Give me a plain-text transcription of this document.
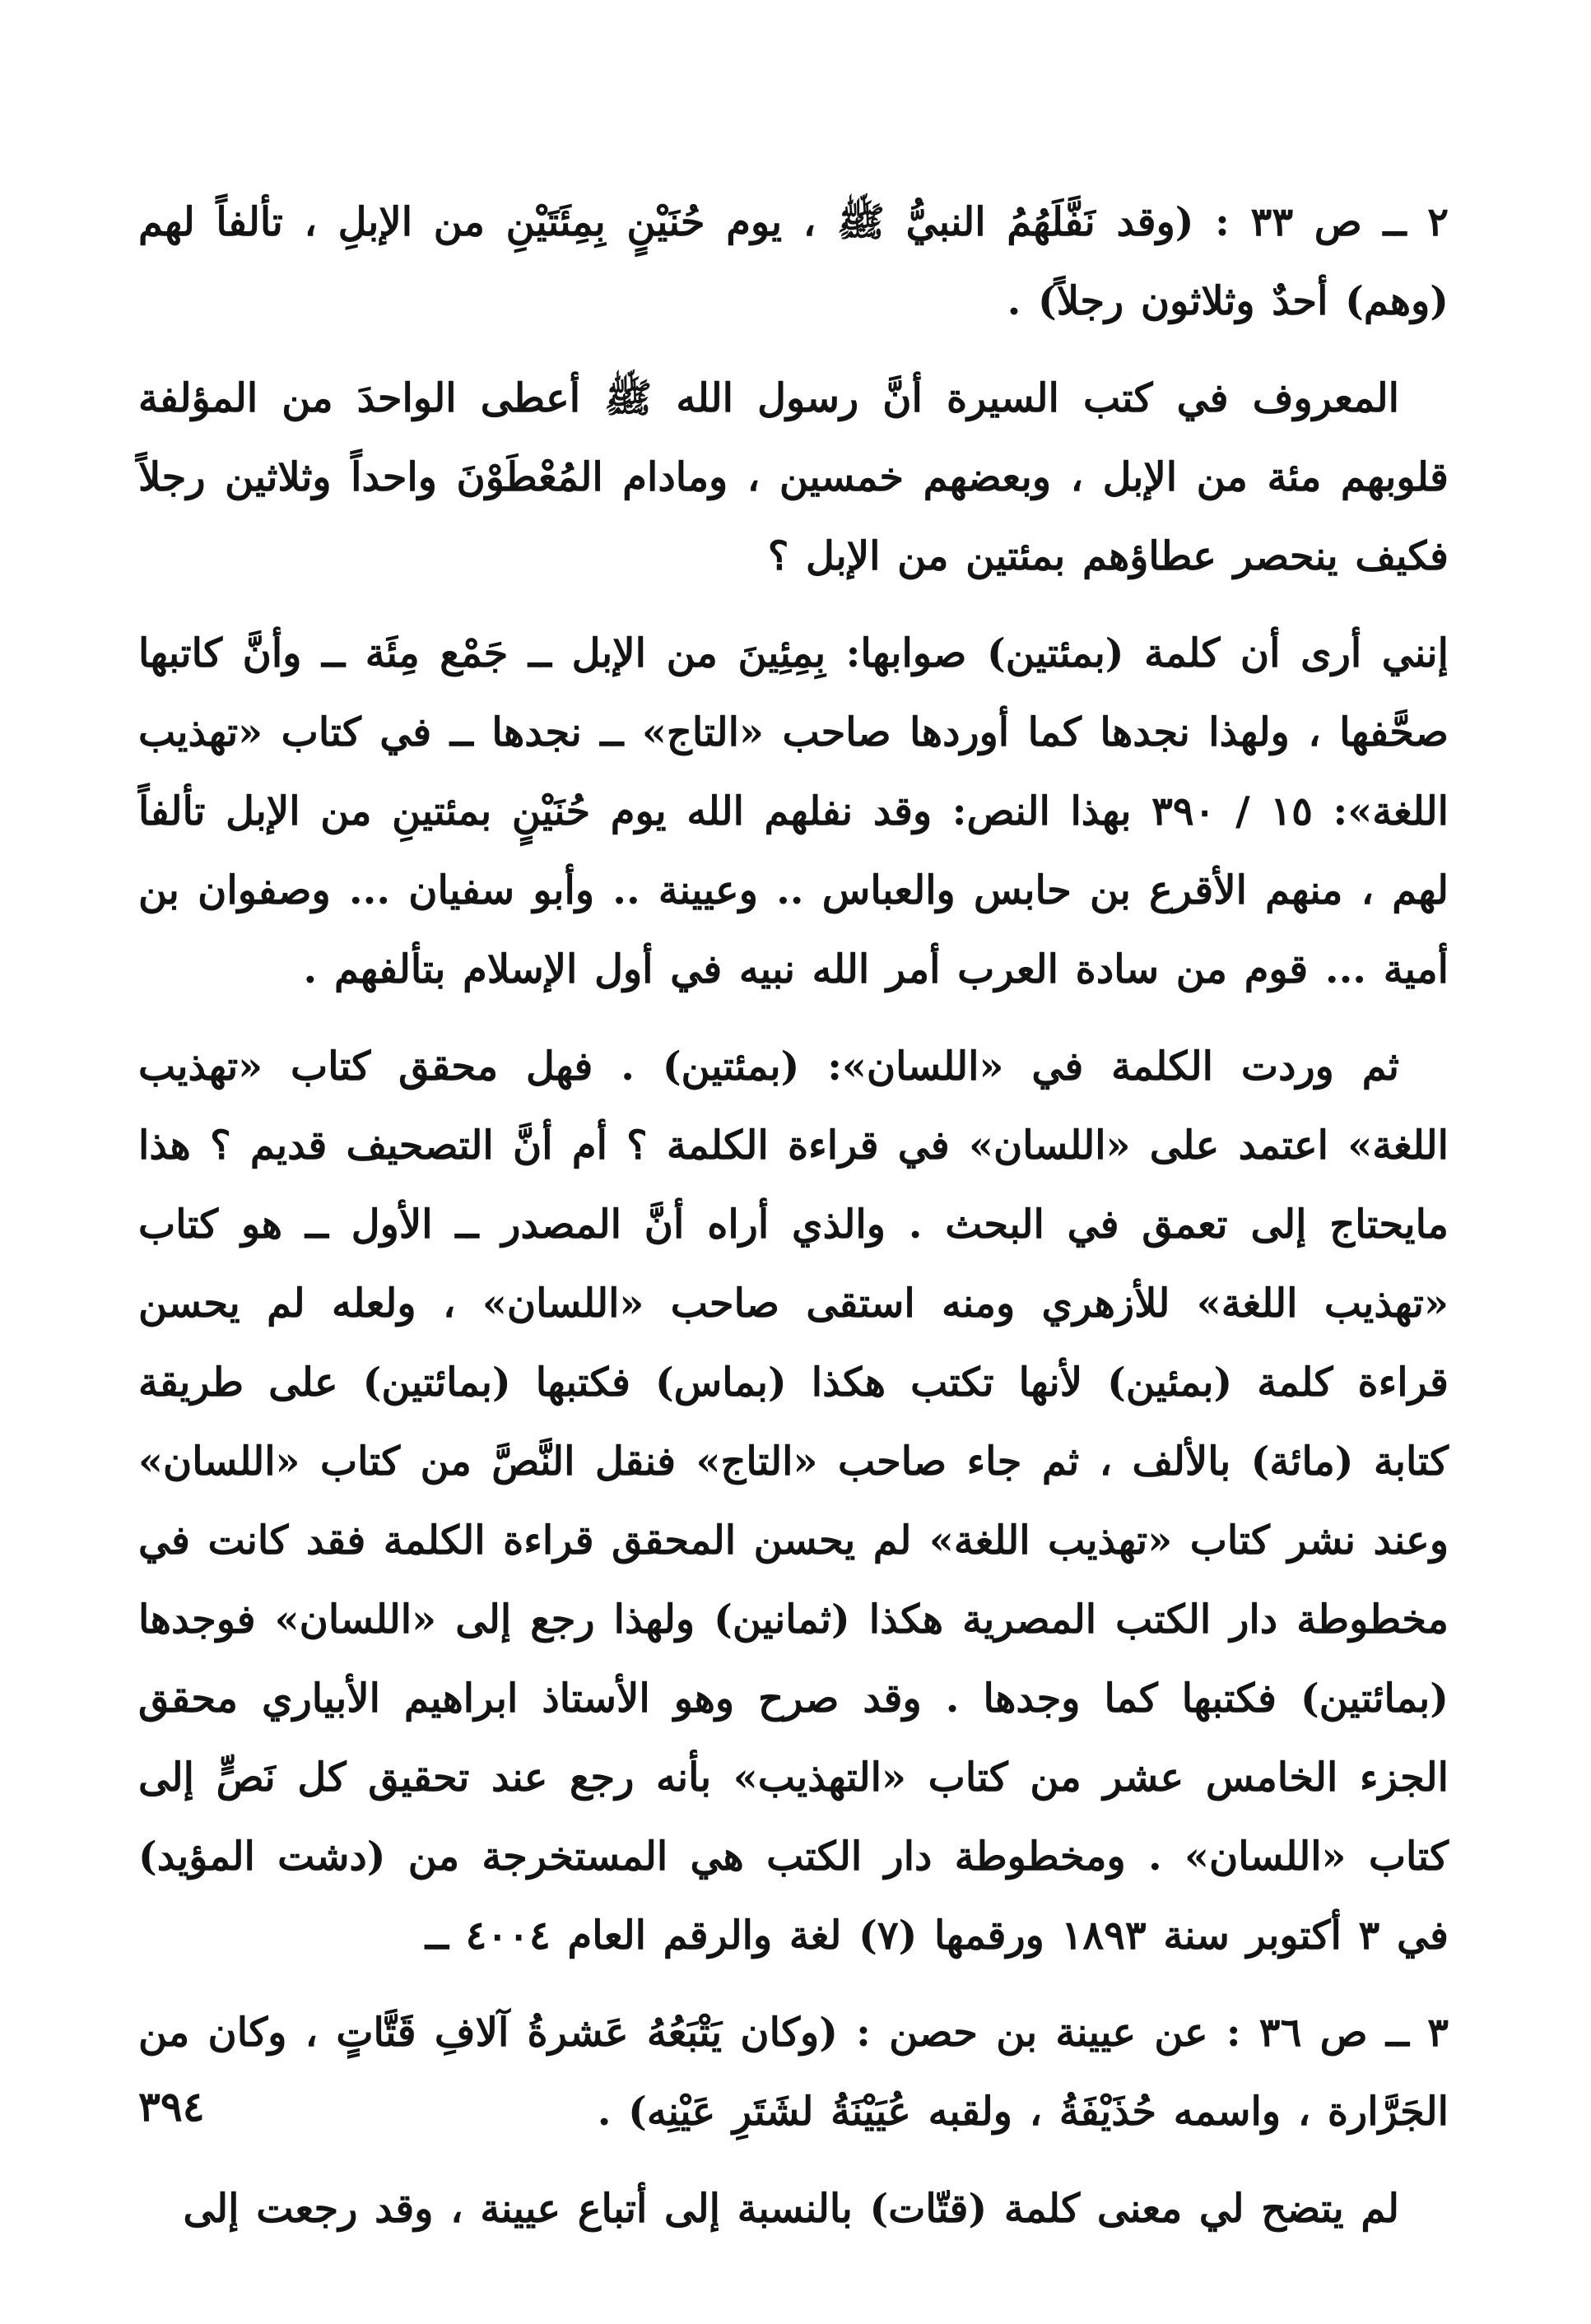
٢ ــ ص ٣٣ : (وقد نَفَّلَهُمُ النبيُّ ﷺ ، يوم حُنَيْنٍ بِمِئَتَيْنِ من الإبلِ ، تألفاً لهم (وهم) أحدٌ وثلاثون رجلاً) .

المعروف في كتب السيرة أنَّ رسول الله ﷺ أعطى الواحدَ من المؤلفة قلوبهم مئة من الإبل ، وبعضهم خمسين ، ومادام المُعْطَوْنَ واحداً وثلاثين رجلاً فكيف ينحصر عطاؤهم بمئتين من الإبل ؟

إنني أرى أن كلمة (بمئتين) صوابها: بِمِئِينَ من الإبل ــ جَمْع مِئَة ــ وأنَّ كاتبها صحَّفها ، ولهذا نجدها كما أوردها صاحب «التاج» ــ نجدها ــ في كتاب «تهذيب اللغة»: ١٥ / ٣٩٠ بهذا النص: وقد نفلهم الله يوم حُنَيْنٍ بمئتينِ من الإبل تألفاً لهم ، منهم الأقرع بن حابس والعباس .. وعيينة .. وأبو سفيان ... وصفوان بن أمية ... قوم من سادة العرب أمر الله نبيه في أول الإسلام بتألفهم .

ثم وردت الكلمة في «اللسان»: (بمئتين) . فهل محقق كتاب «تهذيب اللغة» اعتمد على «اللسان» في قراءة الكلمة ؟ أم أنَّ التصحيف قديم ؟ هذا مايحتاج إلى تعمق في البحث . والذي أراه أنَّ المصدر ــ الأول ــ هو كتاب «تهذيب اللغة» للأزهري ومنه استقى صاحب «اللسان» ، ولعله لم يحسن قراءة كلمة (بمئين) لأنها تكتب هكذا (بماس) فكتبها (بمائتين) على طريقة كتابة (مائة) بالألف ، ثم جاء صاحب «التاج» فنقل النَّصَّ من كتاب «اللسان» وعند نشر كتاب «تهذيب اللغة» لم يحسن المحقق قراءة الكلمة فقد كانت في مخطوطة دار الكتب المصرية هكذا (ثمانين) ولهذا رجع إلى «اللسان» فوجدها (بمائتين) فكتبها كما وجدها . وقد صرح وهو الأستاذ ابراهيم الأبياري محقق الجزء الخامس عشر من كتاب «التهذيب» بأنه رجع عند تحقيق كل نَصٍّ إلى كتاب «اللسان» . ومخطوطة دار الكتب هي المستخرجة من (دشت المؤيد) في ٣ أكتوبر سنة ١٨٩٣ ورقمها (٧) لغة والرقم العام ٤٠٠٤ ــ

٣ ــ ص ٣٦ : عن عيينة بن حصن : (وكان يَتْبَعُهُ عَشرةُ آلافِ قَتَّاتٍ ، وكان من الجَرَّارة ، واسمه حُذَيْفَةُ ، ولقبه عُيَيْنَةُ لشَتَرِ عَيْنِه) .

لم يتضح لي معنى كلمة (قتّات) بالنسبة إلى أتباع عيينة ، وقد رجعت إلى

٣٩٤
